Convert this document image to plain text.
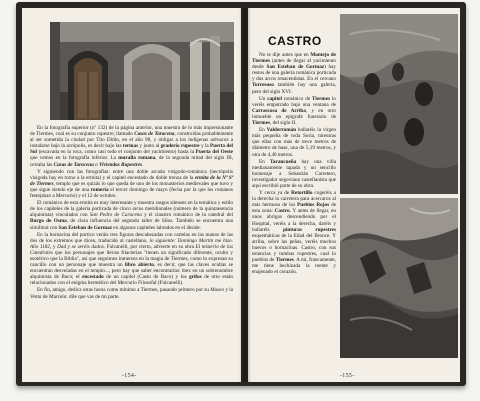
En la fotografía superior (nº 132) de la página anterior, una muestra de lo más impresionante de Tiermes, cual es su conjunto rupestre, llamado Casas de Taracena, construidas probablemente al ser sometida la ciudad por Tito Didio, en el año 98, y obligar a los indígenas arévacos a instalarse bajo la acrópolis, es decir bajo las termas y junto al graderío rupestre y la Puerta del Sol (escavada en la roca, como casi todo el conjunto del yacimiento) hasta la Puerta del Oeste que vemos en la fotografía inferior. La muralla romana, de la segunda mitad del siglo III, cerraba las Casas de Taracena o Viviendas Rupestres.

Y siguiendo con las fotografías: entre una doble arcada visigodo-románica (necrópolis visigoda hay en torno a la ermita) y el capitel encestado de doble trenza de la ermita de la Nª Sª de Tiermes, templo que es quizás lo que queda de uno de los monasterios medievales que tuvo y que sigue siendo eje de una romería el tercer domingo de mayo (fecha por la que los romanos festejaban a Mercurio) y el 12 de octubre.

El románico de esta ermita es muy interesante y muestra rasgos silenses en la temática y estilo de los capiteles de la galería porticada de cinco arcos meridionales (número de la quintaesencia alquimista) vinculados con San Pedro de Caracena y el claustro románico de la catedral del Burgo de Osma, de clara influencia del segundo taller de Silos. También se encuentra una similitud con San Esteban de Gormaz en algunos capiteles labrados en el ábside.

En la hornacina del portico veráis tres figuras descabezadas con cartelas en las manos de las dos de los extremos que dicen, traducido al castellano, lo siguiente: Domingo Martín me hizo. Año 1182, y Dad y se seréis dados. Fulcanelli, por cierto, advierte en su obra El misterio de las Catedrales que los personajes que llevan filacterias "tienen un significado diferente, oculto y esotérico que la Biblia", así que seguimos inmersos en la magia de Tiermes, como lo expresan su cancillo con un personaje que muestra un libro abierto, es decir, que las claves ocultas se encuentran desveladas en el templo..., pero hay que saber encontrarlas: ibex en un sobrenombre alquimista de Baco; el encestado de un capitel (Casto de Baco) y los grifos de otro están relacionados con el enigma hermético del Mercurio Filosofal (Fulcanelli).

En fin, amigo, dedica otras horas como mínimo a Tiermes, pasando primero por su Museo y la Venta de Marcelo: dile que vas de mi parte.

-154-
CASTRO

No te dije antes que en Montejo de Tiermes (antes de llegar al yacimiento desde San Esteban de Gormaz) hay restos de una galería románica porticada y dos arcos renacentistas. En el cercano Torresuso también hay una galería, pero del siglo XVI.

Un capitel románico de Tiermes lo veréis empotrado bajo una ventana de Carrascosa de Arriba, y en otro inmueble un epígrafe funerario de Tiermes, del siglo II.

En Valderromán hallaréis la virgen más pequeña de toda Soria, mientras que ellas con más de trece metros de diámetro de base, una de 5,19 metros, y otra de 4,40 metros.

En Tarancueña hay una villa medianamente tapada y un sencillo homenaje a Sebastián Carretero, investigador segoviano castellanista que aquí escribió parte de su obra.

Y cerca ya de Retortillo cogeréis a la derecha la carretera para acercaros al más hermoso de los Pueblos Rojos de esta zona: Castro. Y antes de llegar, en unos abrigos descendiendo por el Hospital, veréis a la derecha, daréis y hallaréis pinturas rupestres esquemáticas de la Edad del Bronce. Y arriba, sobre las peñas, veréis muchos huecos o hornacinas. Castro, con sus estancias y tumbas rupestres, cual lo pueblos de Tiermes. A mí, francamente, me tiene hechizada la mente y enajenado el corazón.

-155-
